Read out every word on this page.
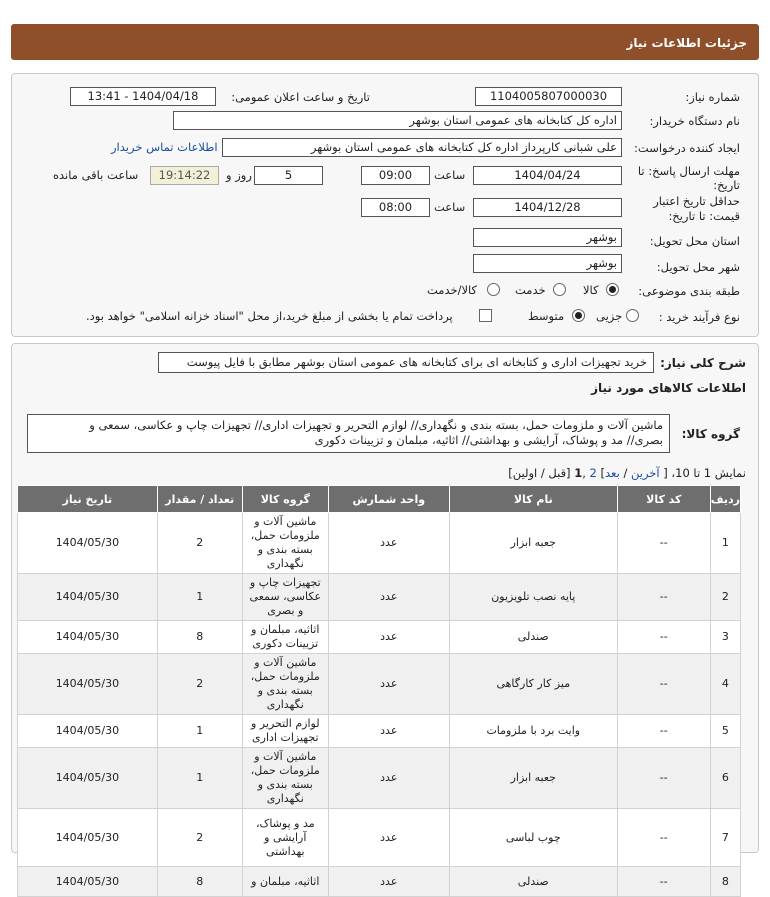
جزئیات اطلاعات نیاز
شماره نیاز:
1104005807000030
تاریخ و ساعت اعلان عمومی:
1404/04/18 - 13:41
نام دستگاه خریدار:
اداره کل کتابخانه های عمومی استان بوشهر
ایجاد کننده درخواست:
علی شبانی کارپرداز اداره کل کتابخانه های عمومی استان بوشهر
اطلاعات تماس خریدار
مهلت ارسال پاسخ: تا
تاریخ:
1404/04/24
ساعت
09:00
5
روز و
19:14:22
ساعت باقی مانده
حداقل تاریخ اعتبار
قیمت: تا تاریخ:
1404/12/28
ساعت
08:00
استان محل تحویل:
بوشهر
شهر محل تحویل:
بوشهر
طبقه بندی موضوعی:
کالا
خدمت
کالا/خدمت
نوع فرآیند خرید :
جزیی
متوسط
پرداخت تمام یا بخشی از مبلغ خرید،از محل "اسناد خزانه اسلامی" خواهد بود.
شرح کلی نیاز:
خرید تجهیزات اداری و کتابخانه ای برای کتابخانه های عمومی استان بوشهر مطابق با فایل پیوست
اطلاعات کالاهای مورد نیاز
گروه کالا:
ماشین آلات و ملزومات حمل، بسته بندی و نگهداری// لوازم التحریر و تجهیزات اداری// تجهیزات چاپ و عکاسی، سمعی و
بصری// مد و پوشاک، آرایشی و بهداشتی// اثاثیه، مبلمان و تزیینات دکوری
نمایش 1 تا 10، [ آخرین / بعد] 2 ,1 [قبل / اولین]
ردیف	کد کالا	نام کالا	واحد شمارش	گروه کالا	تعداد / مقدار	تاریخ نیاز
1	--	جعبه ابزار	عدد	ماشین آلات و ملزومات حمل، بسته بندی و نگهداری	2	1404/05/30
2	--	پایه نصب تلویزیون	عدد	تجهیزات چاپ و عکاسی، سمعی و بصری	1	1404/05/30
3	--	صندلی	عدد	اثاثیه، مبلمان و تزیینات دکوری	8	1404/05/30
4	--	میز کار کارگاهی	عدد	ماشین آلات و ملزومات حمل، بسته بندی و نگهداری	2	1404/05/30
5	--	وایت برد با ملزومات	عدد	لوازم التحریر و تجهیزات اداری	1	1404/05/30
6	--	جعبه ابزار	عدد	ماشین آلات و ملزومات حمل، بسته بندی و نگهداری	1	1404/05/30
7	--	چوب لباسی	عدد	مد و پوشاک، آرایشی و بهداشتی	2	1404/05/30
8	--	صندلی	عدد	اثاثیه، مبلمان و	8	1404/05/30
